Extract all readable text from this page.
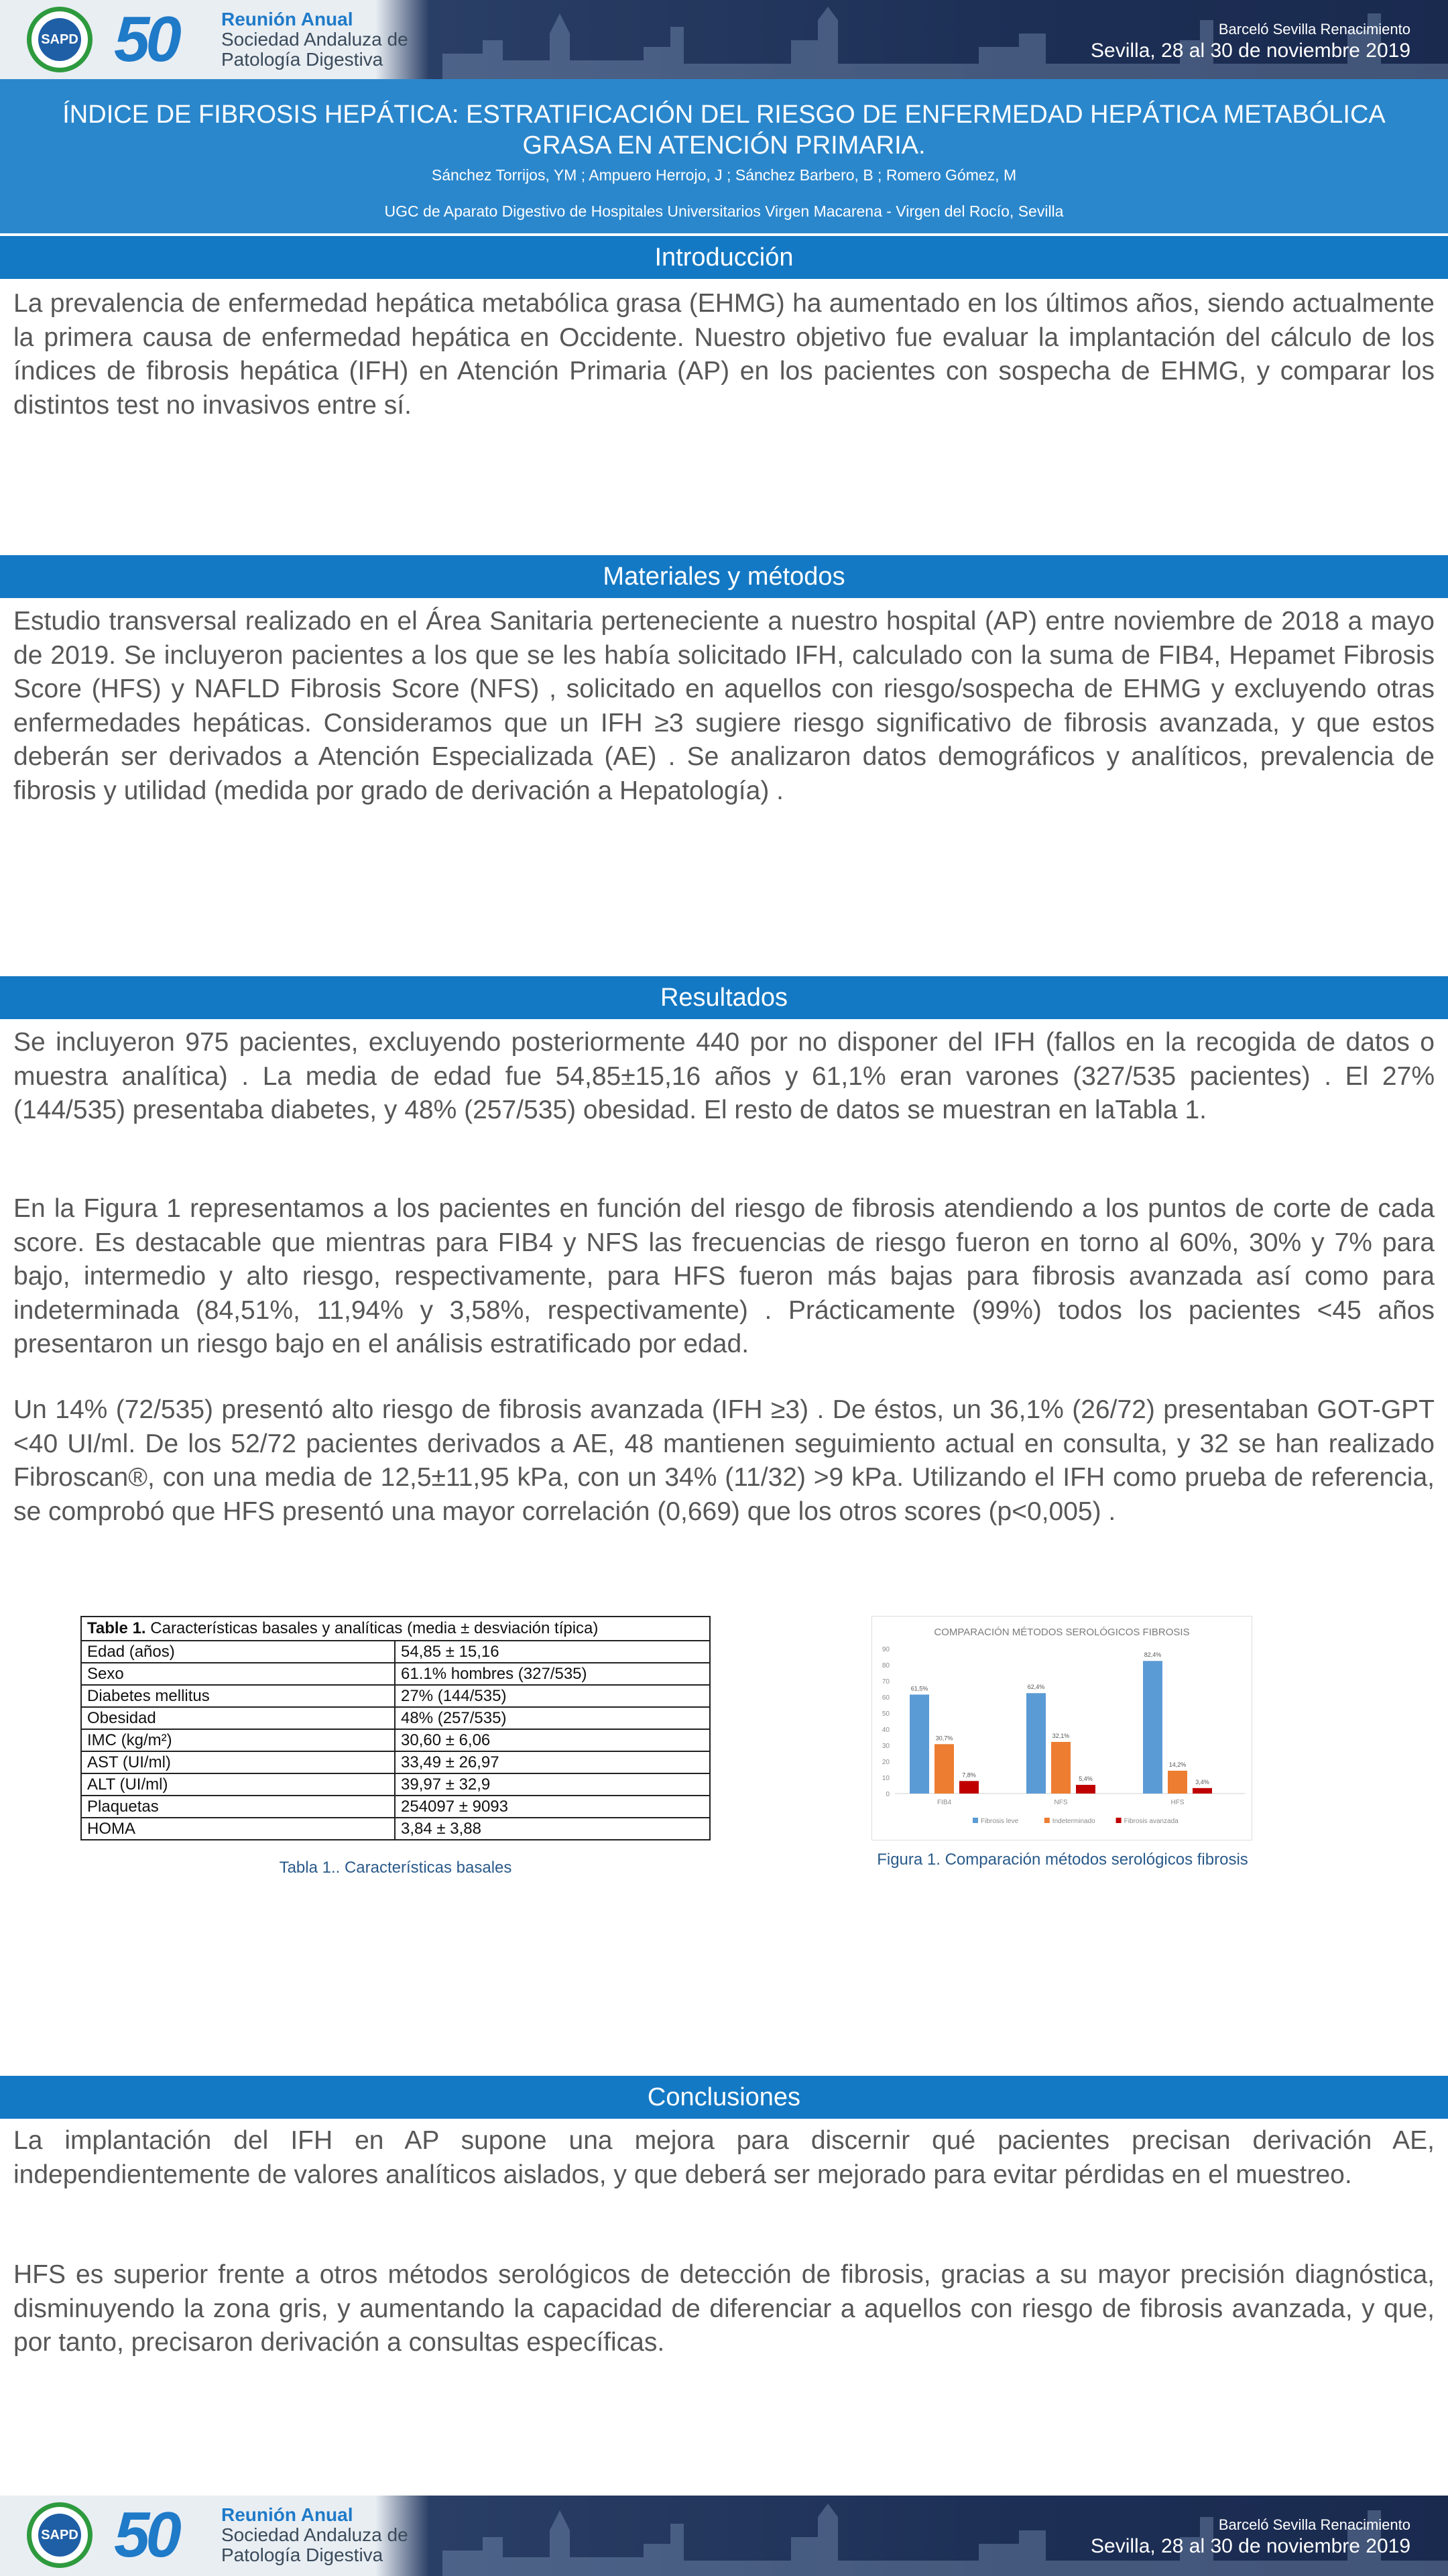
SAPD 50 Reunión Anual
Sociedad Andaluza de
Patología Digestiva
Barceló Sevilla Renacimiento
Sevilla, 28 al 30 de noviembre 2019
ÍNDICE DE FIBROSIS HEPÁTICA: ESTRATIFICACIÓN DEL RIESGO DE ENFERMEDAD HEPÁTICA METABÓLICA GRASA EN ATENCIÓN PRIMARIA.
Sánchez Torrijos, YM ; Ampuero Herrojo, J ; Sánchez Barbero, B ; Romero Gómez, M
UGC de Aparato Digestivo de Hospitales Universitarios Virgen Macarena - Virgen del Rocío, Sevilla
Introducción

La prevalencia de enfermedad hepática metabólica grasa (EHMG) ha aumentado en los últimos años, siendo actualmente la primera causa de enfermedad hepática en Occidente. Nuestro objetivo fue evaluar la implantación del cálculo de los índices de fibrosis hepática (IFH) en Atención Primaria (AP) en los pacientes con sospecha de EHMG, y comparar los distintos test no invasivos entre sí.

Materiales y métodos

Estudio transversal realizado en el Área Sanitaria perteneciente a nuestro hospital (AP) entre noviembre de 2018 a mayo de 2019. Se incluyeron pacientes a los que se les había solicitado IFH, calculado con la suma de FIB4, Hepamet Fibrosis Score (HFS) y NAFLD Fibrosis Score (NFS) , solicitado en aquellos con riesgo/sospecha de EHMG y excluyendo otras enfermedades hepáticas. Consideramos que un IFH ≥3 sugiere riesgo significativo de fibrosis avanzada, y que estos deberán ser derivados a Atención Especializada (AE) . Se analizaron datos demográficos y analíticos, prevalencia de fibrosis y utilidad (medida por grado de derivación a Hepatología) .

Resultados

Se incluyeron 975 pacientes, excluyendo posteriormente 440 por no disponer del IFH (fallos en la recogida de datos o muestra analítica) . La media de edad fue 54,85±15,16 años y 61,1% eran varones (327/535 pacientes) . El 27% (144/535) presentaba diabetes, y 48% (257/535) obesidad. El resto de datos se muestran en laTabla 1.

En la Figura 1 representamos a los pacientes en función del riesgo de fibrosis atendiendo a los puntos de corte de cada score. Es destacable que mientras para FIB4 y NFS las frecuencias de riesgo fueron en torno al 60%, 30% y 7% para bajo, intermedio y alto riesgo, respectivamente, para HFS fueron más bajas para fibrosis avanzada así como para indeterminada (84,51%, 11,94% y 3,58%, respectivamente) . Prácticamente (99%) todos los pacientes <45 años presentaron un riesgo bajo en el análisis estratificado por edad.

Un 14% (72/535) presentó alto riesgo de fibrosis avanzada (IFH ≥3) . De éstos, un 36,1% (26/72) presentaban GOT-GPT <40 UI/ml. De los 52/72 pacientes derivados a AE, 48 mantienen seguimiento actual en consulta, y 32 se han realizado Fibroscan®, con una media de 12,5±11,95 kPa, con un 34% (11/32) >9 kPa. Utilizando el IFH como prueba de referencia, se comprobó que HFS presentó una mayor correlación (0,669) que los otros scores (p<0,005) .

Table 1. Características basales y analíticas (media ± desviación típica)
Edad (años)	54,85 ± 15,16
Sexo	61.1% hombres (327/535)
Diabetes mellitus	27% (144/535)
Obesidad	48% (257/535)
IMC (kg/m²)	30,60 ± 6,06
AST (UI/ml)	33,49 ± 26,97
ALT (UI/ml)	39,97 ± 32,9
Plaquetas	254097 ± 9093
HOMA	3,84 ± 3,88
Tabla 1.. Características basales
COMPARACIÓN MÉTODOS SEROLÓGICOS FIBROSIS
0
10
20
30
40
50
60
70
80
90
61,5%
30,7%
7,8%
FIB4
62,4%
32,1%
5,4%
NFS
82,4%
14,2%
3,4%
HFS
Fibrosis leve	Indeterminado	Fibrosis avanzada
Figura 1. Comparación métodos serológicos fibrosis
Conclusiones

La implantación del IFH en AP supone una mejora para discernir qué pacientes precisan derivación AE, independientemente de valores analíticos aislados, y que deberá ser mejorado para evitar pérdidas en el muestreo.

HFS es superior frente a otros métodos serológicos de detección de fibrosis, gracias a su mayor precisión diagnóstica, disminuyendo la zona gris, y aumentando la capacidad de diferenciar a aquellos con riesgo de fibrosis avanzada, y que, por tanto, precisaron derivación a consultas específicas.

SAPD 50 Reunión Anual
Sociedad Andaluza de
Patología Digestiva
Barceló Sevilla Renacimiento
Sevilla, 28 al 30 de noviembre 2019
